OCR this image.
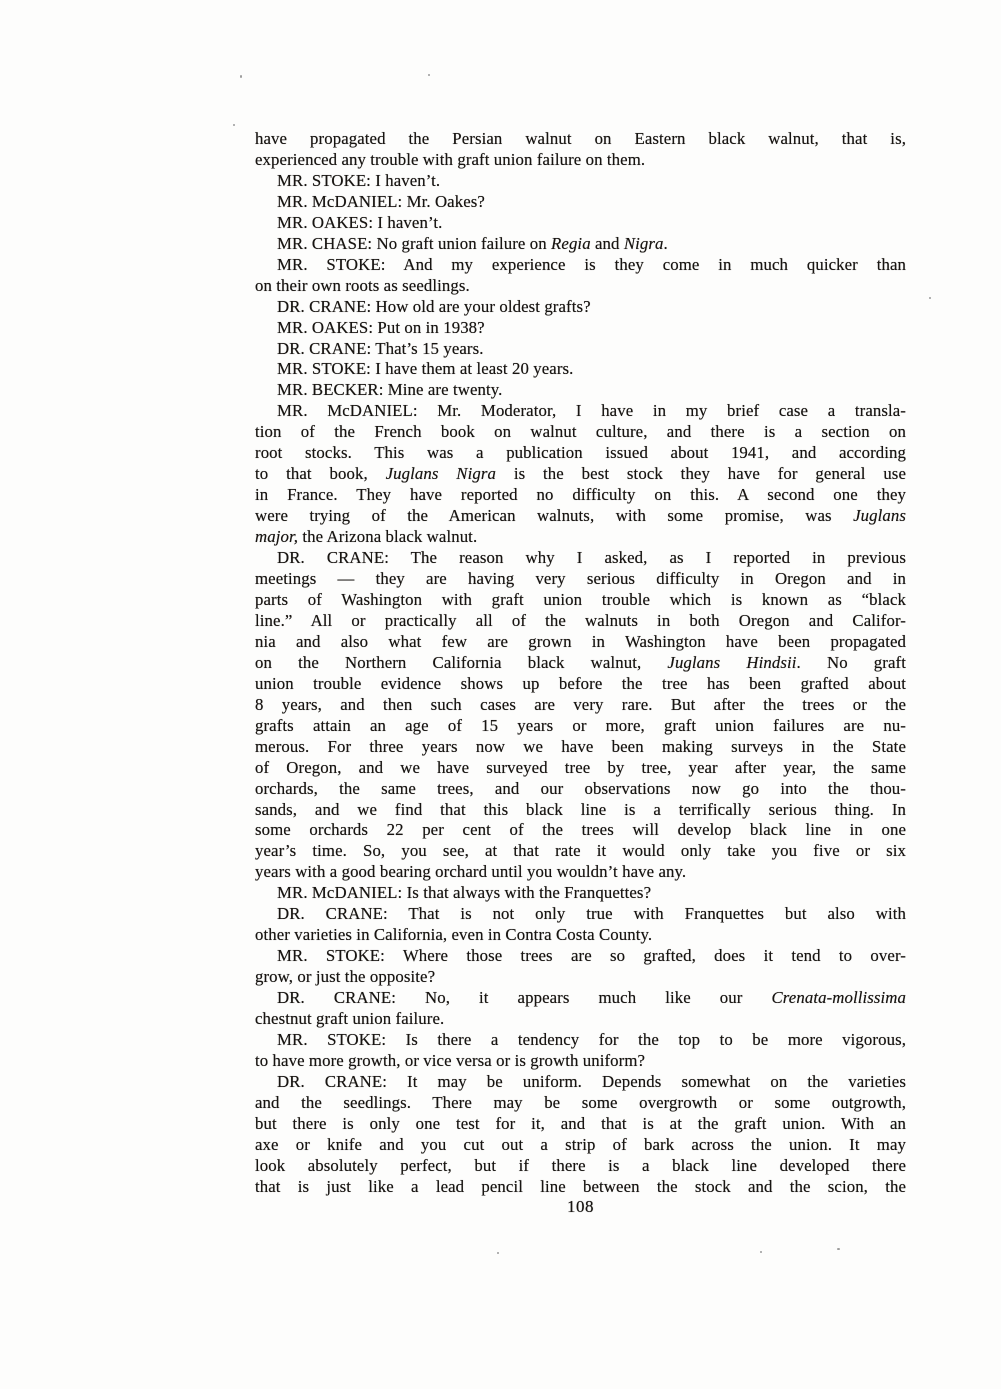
have propagated the Persian walnut on Eastern black walnut, that is,
experienced any trouble with graft union failure on them.
MR. STOKE: I haven’t.
MR. McDANIEL: Mr. Oakes?
MR. OAKES: I haven’t.
MR. CHASE: No graft union failure on Regia and Nigra.
MR. STOKE: And my experience is they come in much quicker than
on their own roots as seedlings.
DR. CRANE: How old are your oldest grafts?
MR. OAKES: Put on in 1938?
DR. CRANE: That’s 15 years.
MR. STOKE: I have them at least 20 years.
MR. BECKER: Mine are twenty.
MR. McDANIEL: Mr. Moderator, I have in my brief case a transla-
tion of the French book on walnut culture, and there is a section on
root stocks. This was a publication issued about 1941, and according
to that book, Juglans Nigra is the best stock they have for general use
in France. They have reported no difficulty on this. A second one they
were trying of the American walnuts, with some promise, was Juglans
major, the Arizona black walnut.
DR. CRANE: The reason why I asked, as I reported in previous
meetings — they are having very serious difficulty in Oregon and in
parts of Washington with graft union trouble which is known as “black
line.” All or practically all of the walnuts in both Oregon and Califor-
nia and also what few are grown in Washington have been propagated
on the Northern California black walnut, Juglans Hindsii. No graft
union trouble evidence shows up before the tree has been grafted about
8 years, and then such cases are very rare. But after the trees or the
grafts attain an age of 15 years or more, graft union failures are nu-
merous. For three years now we have been making surveys in the State
of Oregon, and we have surveyed tree by tree, year after year, the same
orchards, the same trees, and our observations now go into the thou-
sands, and we find that this black line is a terrifically serious thing. In
some orchards 22 per cent of the trees will develop black line in one
year’s time. So, you see, at that rate it would only take you five or six
years with a good bearing orchard until you wouldn’t have any.
MR. McDANIEL: Is that always with the Franquettes?
DR. CRANE: That is not only true with Franquettes but also with
other varieties in California, even in Contra Costa County.
MR. STOKE: Where those trees are so grafted, does it tend to over-
grow, or just the opposite?
DR. CRANE: No, it appears much like our Crenata-mollissima
chestnut graft union failure.
MR. STOKE: Is there a tendency for the top to be more vigorous,
to have more growth, or vice versa or is growth uniform?
DR. CRANE: It may be uniform. Depends somewhat on the varieties
and the seedlings. There may be some overgrowth or some outgrowth,
but there is only one test for it, and that is at the graft union. With an
axe or knife and you cut out a strip of bark across the union. It may
look absolutely perfect, but if there is a black line developed there
that is just like a lead pencil line between the stock and the scion, the
108
